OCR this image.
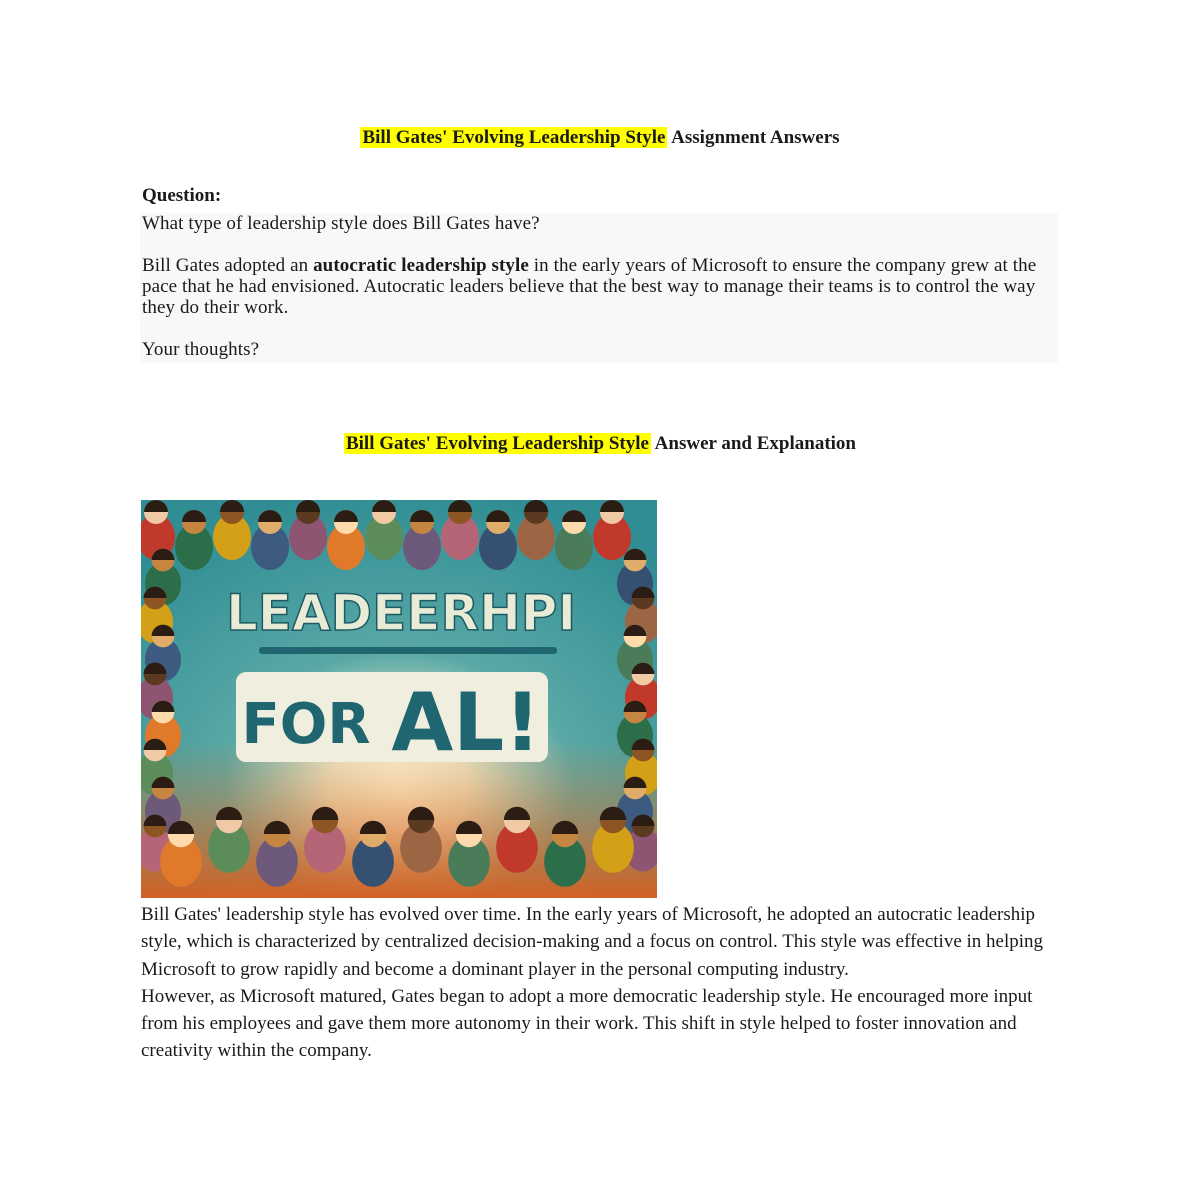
Bill Gates' Evolving Leadership Style Assignment Answers
Question:

What type of leadership style does Bill Gates have?

Bill Gates adopted an autocratic leadership style in the early years of Microsoft to ensure the company grew at the pace that he had envisioned. Autocratic leaders believe that the best way to manage their teams is to control the way they do their work.

Your thoughts?

Bill Gates' Evolving Leadership Style Answer and Explanation
LEADEERHPI
FOR AL!

Bill Gates' leadership style has evolved over time. In the early years of Microsoft, he adopted an autocratic leadership style, which is characterized by centralized decision-making and a focus on control. This style was effective in helping Microsoft to grow rapidly and become a dominant player in the personal computing industry.

However, as Microsoft matured, Gates began to adopt a more democratic leadership style. He encouraged more input from his employees and gave them more autonomy in their work. This shift in style helped to foster innovation and creativity within the company.
